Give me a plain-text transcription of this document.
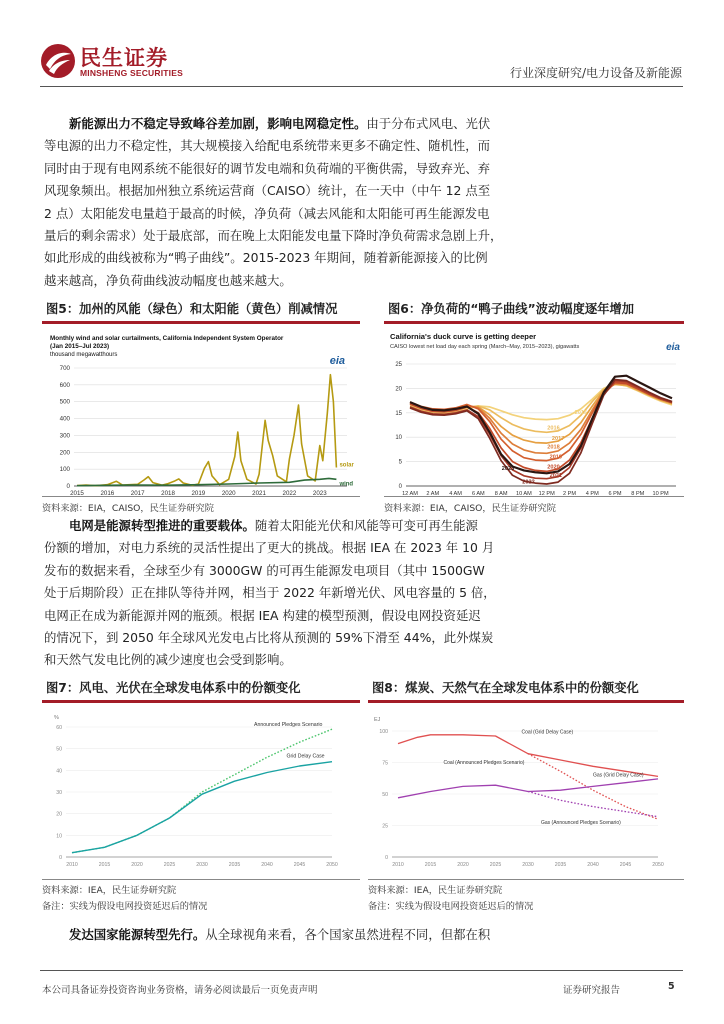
民生证券
MINSHENG SECURITIES	行业深度研究/电力设备及新能源

新能源出力不稳定导致峰谷差加剧，影响电网稳定性。由于分布式风电、光伏
等电源的出力不稳定性，其大规模接入给配电系统带来更多不确定性、随机性，而
同时由于现有电网系统不能很好的调节发电端和负荷端的平衡供需，导致弃光、弃
风现象频出。根据加州独立系统运营商（CAISO）统计，在一天中（中午 12 点至
2 点）太阳能发电量趋于最高的时候，净负荷（减去风能和太阳能可再生能源发电
量后的剩余需求）处于最底部，而在晚上太阳能发电量下降时净负荷需求急剧上升，
如此形成的曲线被称为“鸭子曲线”。2015-2023 年期间，随着新能源接入的比例
越来越高，净负荷曲线波动幅度也越来越大。

图5：加州的风能（绿色）和太阳能（黄色）削减情况
Monthly wind and solar curtailments, California Independent System Operator
(Jan 2015–Jul 2023)
thousand megawatthours
0
100
200
300
400
500
600
700
2015	2016	2017	2018	2019	2020	2021	2022	2023
solar
wind
eia
资料来源：EIA，CAISO，民生证券研究院
图6：净负荷的“鸭子曲线”波动幅度逐年增加
California's duck curve is getting deeper
CAISO lowest net load day each spring (March–May, 2015–2023), gigawatts	eia
0
5
10
15
20
25
12 AM 2 AM 4 AM 6 AM 8 AM 10 AM 12 PM 2 PM 4 PM 6 PM 8 PM 10 PM
2015
2016
2017
2018
2019
2020
2021
2022
2023
资料来源：EIA，CAISO，民生证券研究院

电网是能源转型推进的重要载体。随着太阳能光伏和风能等可变可再生能源
份额的增加，对电力系统的灵活性提出了更大的挑战。根据 IEA 在 2023 年 10 月
发布的数据来看，全球至少有 3000GW 的可再生能源发电项目（其中 1500GW
处于后期阶段）正在排队等待并网，相当于 2022 年新增光伏、风电容量的 5 倍，
电网正在成为新能源并网的瓶颈。根据 IEA 构建的模型预测，假设电网投资延迟
的情况下，到 2050 年全球风光发电占比将从预测的 59%下滑至 44%，此外煤炭
和天然气发电比例的减少速度也会受到影响。

图7：风电、光伏在全球发电体系中的份额变化
%
0
10
20
30
40
50
60
2010	2015	2020	2025	2030	2035	2040	2045	2050
Announced Pledges Scenario
Grid Delay Case
资料来源：IEA，民生证券研究院
备注：实线为假设电网投资延迟后的情况
图8：煤炭、天然气在全球发电体系中的份额变化
EJ
0
25
50
75
100
2010	2015	2020	2025	2030	2035	2040	2045	2050
Coal (Grid Delay Case)
Coal (Announced Pledges Scenario)
Gas (Grid Delay Case)
Gas (Announced Pledges Scenario)
资料来源：IEA，民生证券研究院
备注：实线为假设电网投资延迟后的情况

发达国家能源转型先行。从全球视角来看，各个国家虽然进程不同，但都在积

本公司具备证券投资咨询业务资格，请务必阅读最后一页免责声明	证券研究报告	5
